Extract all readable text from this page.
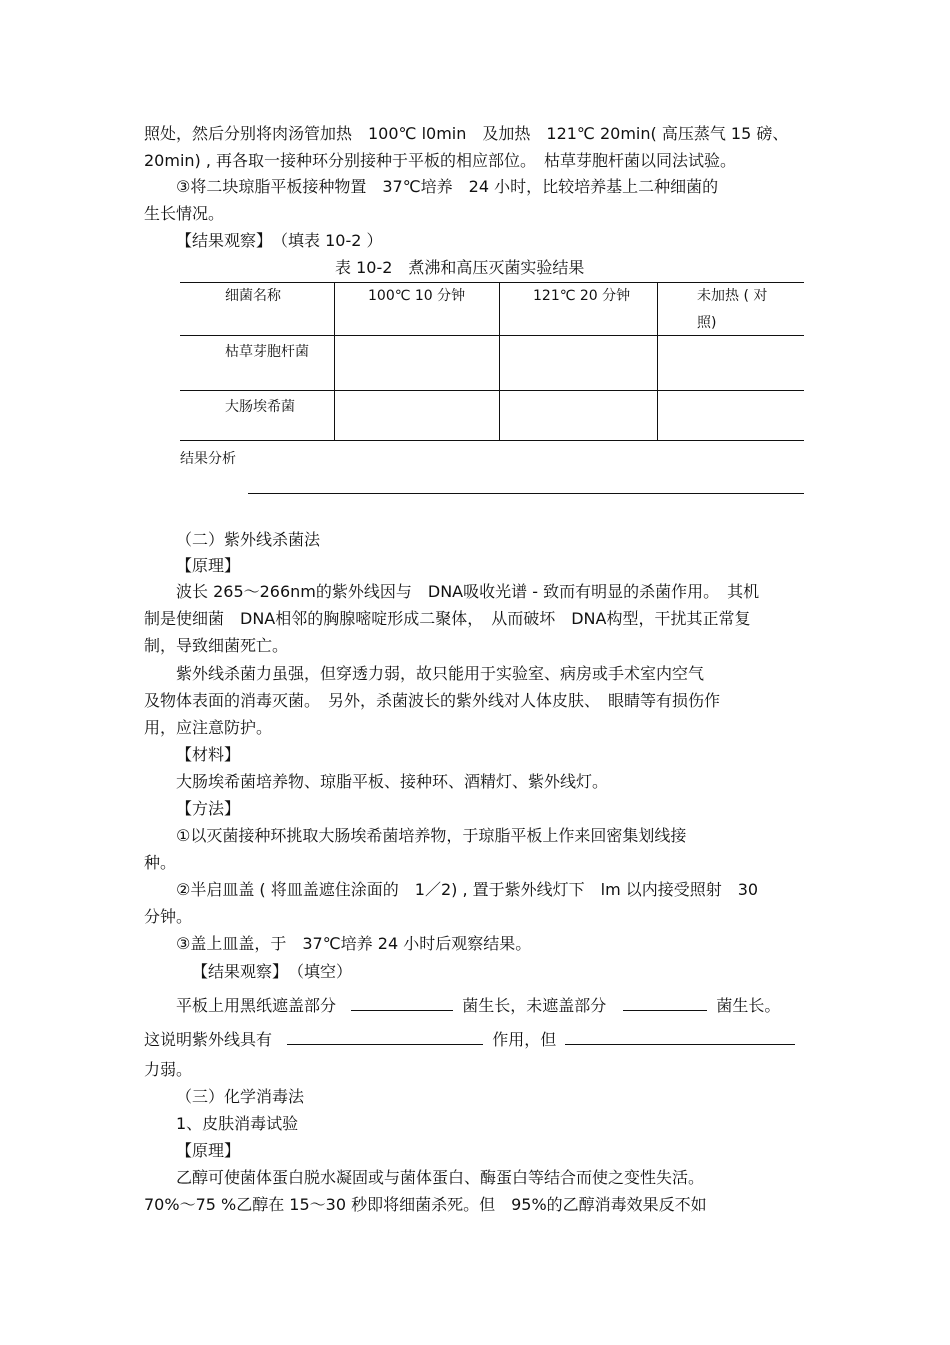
照处，然后分别将肉汤管加热　100℃ l0min　及加热　121℃ 20min( 高压蒸气 15 磅、
20min) , 再各取一接种环分别接种于平板的相应部位。　枯草芽胞杆菌以同法试验。
③将二块琼脂平板接种物置　37℃培养　24 小时，比较培养基上二种细菌的
生长情况。
【结果观察】　（填表 10-2 ）
表 10-2　煮沸和高压灭菌实验结果
细菌名称	100℃ 10 分钟	121℃ 20 分钟	未加热 ( 对
照)
枯草芽胞杆菌
大肠埃希菌
结果分析
（二）紫外线杀菌法
【原理】
波长 265～266nm的紫外线因与　DNA吸收光谱 - 致而有明显的杀菌作用。　其机
制是使细菌　DNA相邻的胸腺嘧啶形成二聚体，　从而破坏　DNA构型，干扰其正常复
制，导致细菌死亡。
紫外线杀菌力虽强，但穿透力弱，故只能用于实验室、病房或手术室内空气
及物体表面的消毒灭菌。　另外，杀菌波长的紫外线对人体皮肤、　眼睛等有损伤作
用，应注意防护。
【材料】
大肠埃希菌培养物、琼脂平板、接种环、酒精灯、紫外线灯。
【方法】
①以灭菌接种环挑取大肠埃希菌培养物，于琼脂平板上作来回密集划线接
种。
②半启皿盖 ( 将皿盖遮住涂面的　1／2) , 置于紫外线灯下　lm 以内接受照射　30
分钟。
③盖上皿盖，于　37℃培养 24 小时后观察结果。
【结果观察】　（填空）
平板上用黑纸遮盖部分	菌生长，未遮盖部分	菌生长。
这说明紫外线具有	作用，但
力弱。
（三）化学消毒法
1、皮肤消毒试验
【原理】
乙醇可使菌体蛋白脱水凝固或与菌体蛋白、酶蛋白等结合而使之变性失活。
70%～75 %乙醇在 15～30 秒即将细菌杀死。但　95%的乙醇消毒效果反不如
